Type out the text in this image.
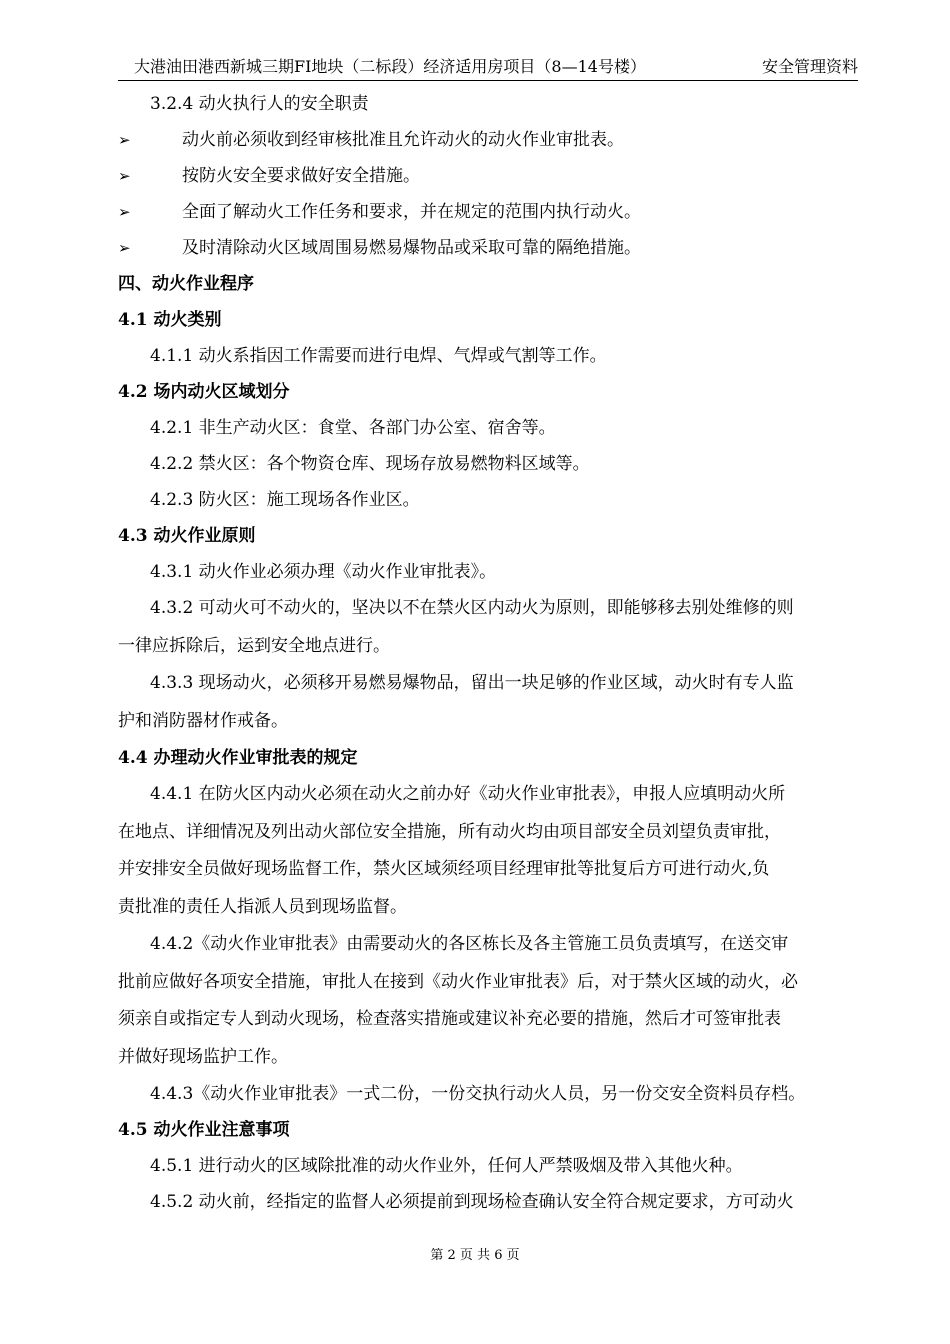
大港油田港西新城三期FI地块（二标段）经济适用房项目（8—14号楼）	安全管理资料
3.2.4 动火执行人的安全职责
➢
动火前必须收到经审核批准且允许动火的动火作业审批表。
➢
按防火安全要求做好安全措施。
➢
全面了解动火工作任务和要求，并在规定的范围内执行动火。
➢
及时清除动火区域周围易燃易爆物品或采取可靠的隔绝措施。
四、动火作业程序
4.1 动火类别
4.1.1 动火系指因工作需要而进行电焊、气焊或气割等工作。
4.2 场内动火区域划分
4.2.1 非生产动火区：食堂、各部门办公室、宿舍等。
4.2.2 禁火区：各个物资仓库、现场存放易燃物料区域等。
4.2.3 防火区：施工现场各作业区。
4.3 动火作业原则
4.3.1 动火作业必须办理《动火作业审批表》。
4.3.2 可动火可不动火的，坚决以不在禁火区内动火为原则，即能够移去别处维修的则
一律应拆除后，运到安全地点进行。
4.3.3 现场动火，必须移开易燃易爆物品，留出一块足够的作业区域，动火时有专人监
护和消防器材作戒备。
4.4 办理动火作业审批表的规定
4.4.1 在防火区内动火必须在动火之前办好《动火作业审批表》，申报人应填明动火所
在地点、详细情况及列出动火部位安全措施，所有动火均由项目部安全员刘望负责审批，
并安排安全员做好现场监督工作，禁火区域须经项目经理审批等批复后方可进行动火,负
责批准的责任人指派人员到现场监督。
4.4.2《动火作业审批表》由需要动火的各区栋长及各主管施工员负责填写，在送交审
批前应做好各项安全措施，审批人在接到《动火作业审批表》后，对于禁火区域的动火，必
须亲自或指定专人到动火现场，检查落实措施或建议补充必要的措施，然后才可签审批表
并做好现场监护工作。
4.4.3《动火作业审批表》一式二份，一份交执行动火人员，另一份交安全资料员存档。
4.5 动火作业注意事项
4.5.1 进行动火的区域除批准的动火作业外，任何人严禁吸烟及带入其他火种。
4.5.2 动火前，经指定的监督人必须提前到现场检查确认安全符合规定要求，方可动火
第 2 页 共 6 页
